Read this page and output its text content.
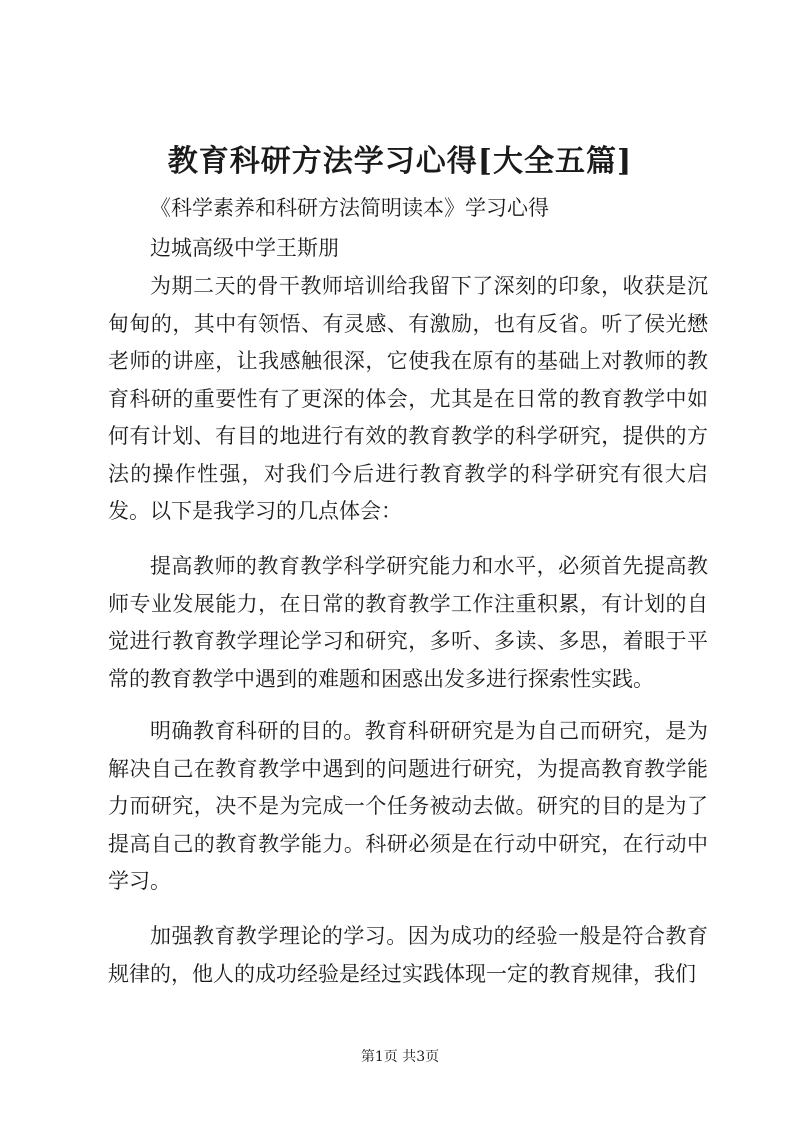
教育科研方法学习心得[大全五篇]

《科学素养和科研方法简明读本》学习心得

边城高级中学王斯朋

为期二天的骨干教师培训给我留下了深刻的印象，收获是沉甸甸的，其中有领悟、有灵感、有激励，也有反省。听了侯光懋老师的讲座，让我感触很深，它使我在原有的基础上对教师的教育科研的重要性有了更深的体会，尤其是在日常的教育教学中如何有计划、有目的地进行有效的教育教学的科学研究，提供的方法的操作性强，对我们今后进行教育教学的科学研究有很大启发。以下是我学习的几点体会：

提高教师的教育教学科学研究能力和水平，必须首先提高教师专业发展能力，在日常的教育教学工作注重积累，有计划的自觉进行教育教学理论学习和研究，多听、多读、多思，着眼于平常的教育教学中遇到的难题和困惑出发多进行探索性实践。

明确教育科研的目的。教育科研研究是为自己而研究，是为解决自己在教育教学中遇到的问题进行研究，为提高教育教学能力而研究，决不是为完成一个任务被动去做。研究的目的是为了提高自己的教育教学能力。科研必须是在行动中研究，在行动中学习。

加强教育教学理论的学习。因为成功的经验一般是符合教育规律的，他人的成功经验是经过实践体现一定的教育规律，我们

第1页 共3页
